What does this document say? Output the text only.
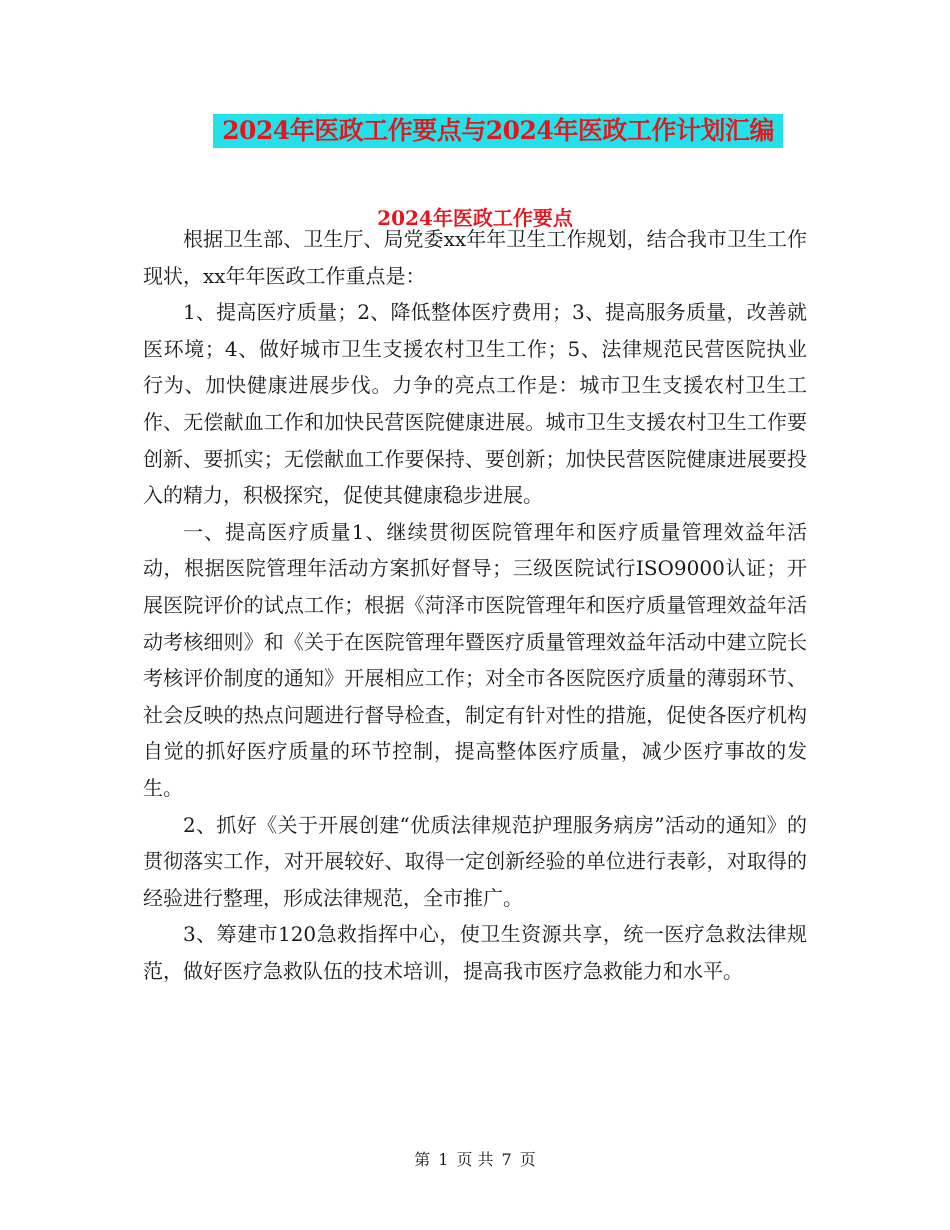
2024年医政工作要点与2024年医政工作计划汇编
2024年医政工作要点

根据卫生部、卫生厅、局党委xx年年卫生工作规划，结合我市卫生工作现状，xx年年医政工作重点是：

1、提高医疗质量；2、降低整体医疗费用；3、提高服务质量，改善就医环境；4、做好城市卫生支援农村卫生工作；5、法律规范民营医院执业行为、加快健康进展步伐。力争的亮点工作是：城市卫生支援农村卫生工作、无偿献血工作和加快民营医院健康进展。城市卫生支援农村卫生工作要创新、要抓实；无偿献血工作要保持、要创新；加快民营医院健康进展要投入的精力，积极探究，促使其健康稳步进展。

一、提高医疗质量1、继续贯彻医院管理年和医疗质量管理效益年活动，根据医院管理年活动方案抓好督导；三级医院试行ISO9000认证；开展医院评价的试点工作；根据《菏泽市医院管理年和医疗质量管理效益年活动考核细则》和《关于在医院管理年暨医疗质量管理效益年活动中建立院长考核评价制度的通知》开展相应工作；对全市各医院医疗质量的薄弱环节、社会反映的热点问题进行督导检查，制定有针对性的措施，促使各医疗机构自觉的抓好医疗质量的环节控制，提高整体医疗质量，减少医疗事故的发生。

2、抓好《关于开展创建“优质法律规范护理服务病房”活动的通知》的贯彻落实工作，对开展较好、取得一定创新经验的单位进行表彰，对取得的经验进行整理，形成法律规范，全市推广。

3、筹建市120急救指挥中心，使卫生资源共享，统一医疗急救法律规范，做好医疗急救队伍的技术培训，提高我市医疗急救能力和水平。

第 1 页 共 7 页
